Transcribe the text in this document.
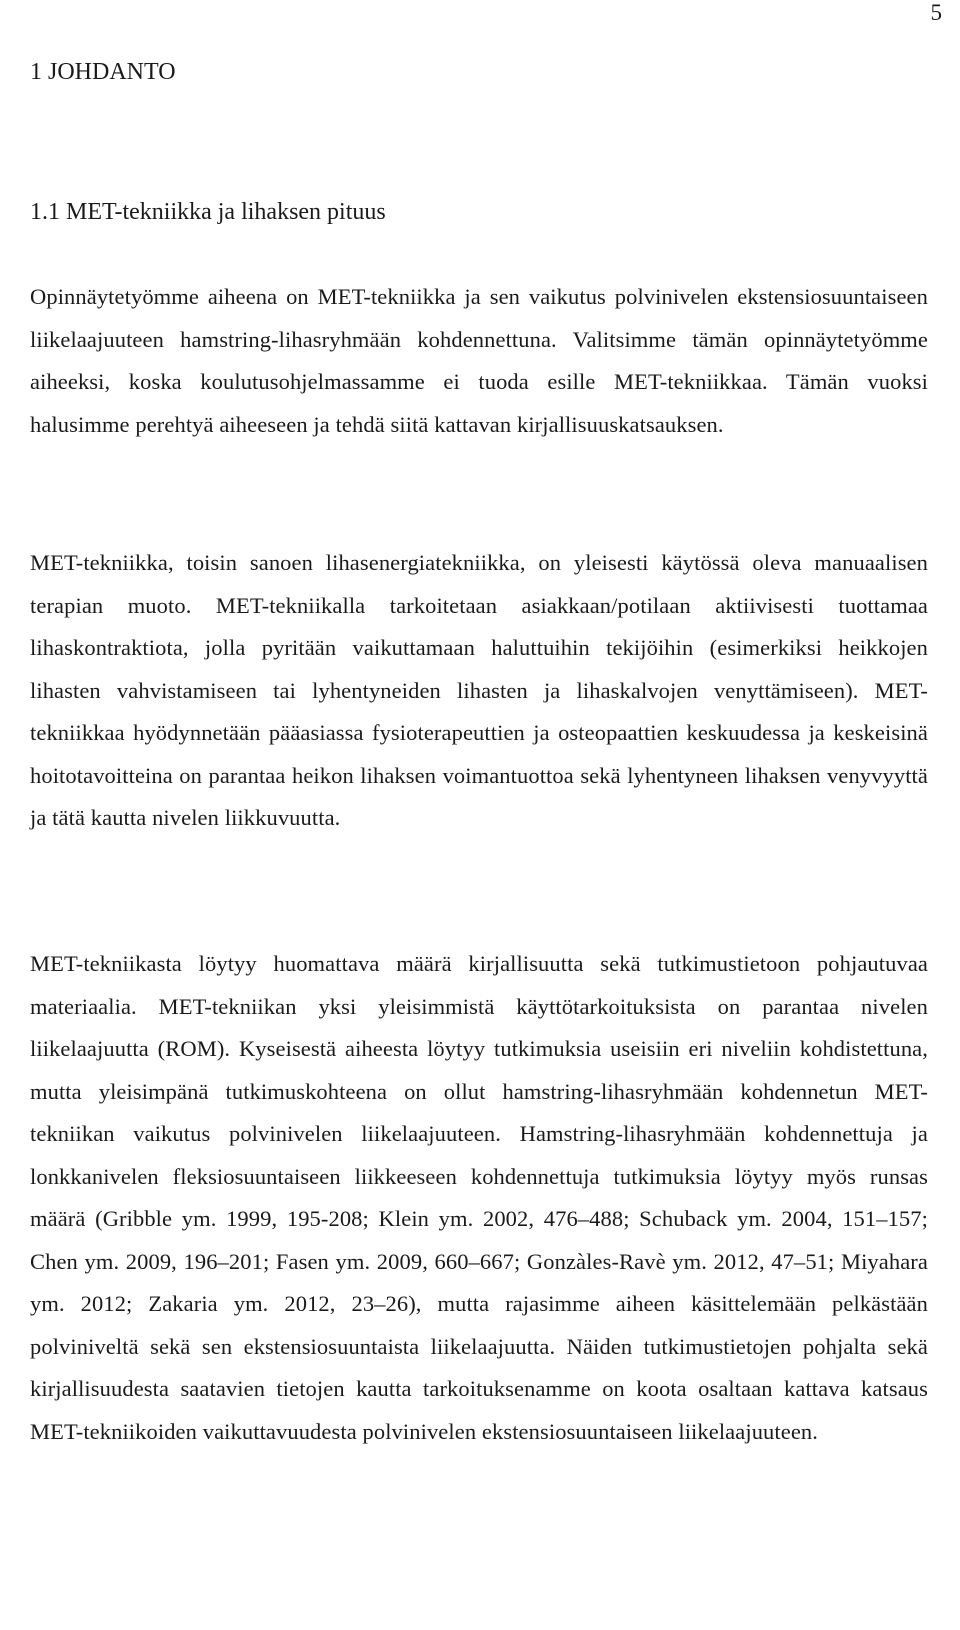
5
1 JOHDANTO
1.1 MET-tekniikka ja lihaksen pituus

Opinnäytetyömme aiheena on MET-tekniikka ja sen vaikutus polvinivelen ekstensiosuuntaiseen liikelaajuuteen hamstring-lihasryhmään kohdennettuna. Valitsimme tämän opinnäytetyömme aiheeksi, koska koulutusohjelmassamme ei tuoda esille MET-tekniikkaa. Tämän vuoksi halusimme perehtyä aiheeseen ja tehdä siitä kattavan kirjallisuuskatsauksen.

MET-tekniikka, toisin sanoen lihasenergiatekniikka, on yleisesti käytössä oleva manuaalisen terapian muoto. MET-tekniikalla tarkoitetaan asiakkaan/potilaan aktiivisesti tuottamaa lihaskontraktiota, jolla pyritään vaikuttamaan haluttuihin tekijöihin (esimerkiksi heikkojen lihasten vahvistamiseen tai lyhentyneiden lihasten ja lihaskalvojen venyttämiseen). MET-tekniikkaa hyödynnetään pääasiassa fysioterapeuttien ja osteopaattien keskuudessa ja keskeisinä hoitotavoitteina on parantaa heikon lihaksen voimantuottoa sekä lyhentyneen lihaksen venyvyyttä ja tätä kautta nivelen liikkuvuutta.

MET-tekniikasta löytyy huomattava määrä kirjallisuutta sekä tutkimustietoon pohjautuvaa materiaalia. MET-tekniikan yksi yleisimmistä käyttötarkoituksista on parantaa nivelen liikelaajuutta (ROM). Kyseisestä aiheesta löytyy tutkimuksia useisiin eri niveliin kohdistettuna, mutta yleisimpänä tutkimuskohteena on ollut hamstring-lihasryhmään kohdennetun MET-tekniikan vaikutus polvinivelen liikelaajuuteen. Hamstring-lihasryhmään kohdennettuja ja lonkkanivelen fleksiosuuntaiseen liikkeeseen kohdennettuja tutkimuksia löytyy myös runsas määrä (Gribble ym. 1999, 195-208; Klein ym. 2002, 476–488; Schuback ym. 2004, 151–157; Chen ym. 2009, 196–201; Fasen ym. 2009, 660–667; Gonzàles-Ravè ym. 2012, 47–51; Miyahara ym. 2012; Zakaria ym. 2012, 23–26), mutta rajasimme aiheen käsittelemään pelkästään polviniveltä sekä sen ekstensiosuuntaista liikelaajuutta. Näiden tutkimustietojen pohjalta sekä kirjallisuudesta saatavien tietojen kautta tarkoituksenamme on koota osaltaan kattava katsaus MET-tekniikoiden vaikuttavuudesta polvinivelen ekstensiosuuntaiseen liikelaajuuteen.
